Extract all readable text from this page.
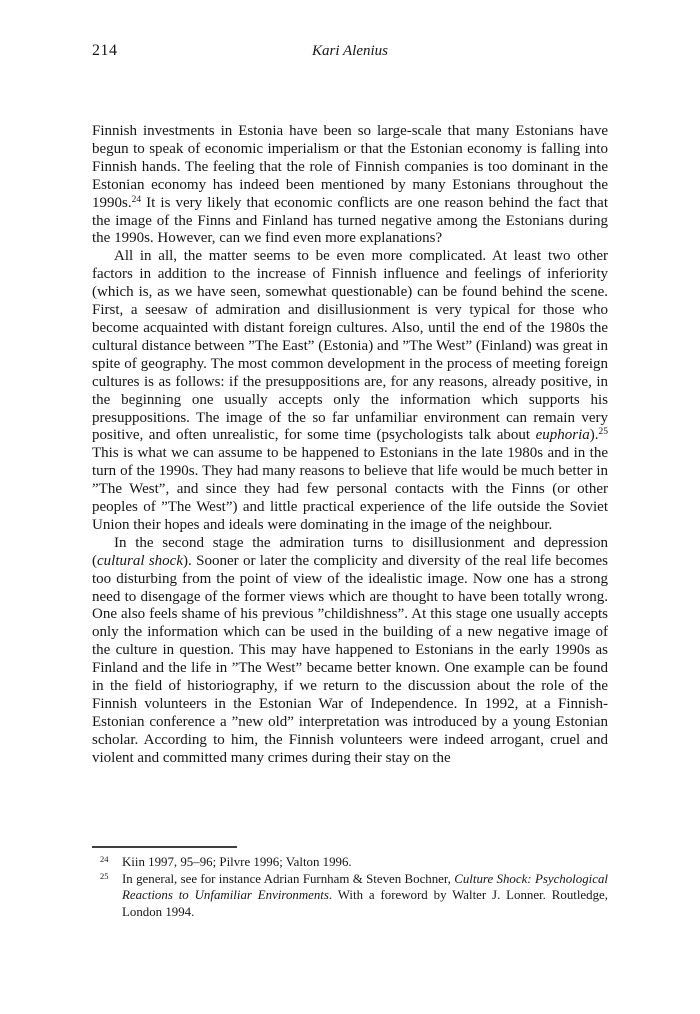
214	Kari Alenius

Finnish investments in Estonia have been so large-scale that many Estonians have begun to speak of economic imperialism or that the Estonian economy is falling into Finnish hands. The feeling that the role of Finnish companies is too dominant in the Estonian economy has indeed been mentioned by many Estonians throughout the 1990s.$^{24}$ It is very likely that economic conflicts are one reason behind the fact that the image of the Finns and Finland has turned negative among the Estonians during the 1990s. However, can we find even more explanations?

All in all, the matter seems to be even more complicated. At least two other factors in addition to the increase of Finnish influence and feelings of inferiority (which is, as we have seen, somewhat questionable) can be found behind the scene. First, a seesaw of admiration and disillusionment is very typical for those who become acquainted with distant foreign cultures. Also, until the end of the 1980s the cultural distance between ”The East” (Estonia) and ”The West” (Finland) was great in spite of geography. The most common development in the process of meeting foreign cultures is as follows: if the presuppositions are, for any reasons, already positive, in the beginning one usually accepts only the information which supports his presuppositions. The image of the so far unfamiliar environment can remain very positive, and often unrealistic, for some time (psychologists talk about euphoria).$^{25}$ This is what we can assume to be happened to Estonians in the late 1980s and in the turn of the 1990s. They had many reasons to believe that life would be much better in ”The West”, and since they had few personal contacts with the Finns (or other peoples of ”The West”) and little practical experience of the life outside the Soviet Union their hopes and ideals were dominating in the image of the neighbour.

In the second stage the admiration turns to disillusionment and depression (cultural shock). Sooner or later the complicity and diversity of the real life becomes too disturbing from the point of view of the idealistic image. Now one has a strong need to disengage of the former views which are thought to have been totally wrong. One also feels shame of his previous ”childishness”. At this stage one usually accepts only the information which can be used in the building of a new negative image of the culture in question. This may have happened to Estonians in the early 1990s as Finland and the life in ”The West” became better known. One example can be found in the field of historiography, if we return to the discussion about the role of the Finnish volunteers in the Estonian War of Independence. In 1992, at a Finnish-Estonian conference a ”new old” interpretation was introduced by a young Estonian scholar. According to him, the Finnish volunteers were indeed arrogant, cruel and violent and committed many crimes during their stay on the

$^{24}$	Kiin 1997, 95–96; Pilvre 1996; Valton 1996.
$^{25}$	In general, see for instance Adrian Furnham & Steven Bochner, Culture Shock: Psychological Reactions to Unfamiliar Environments. With a foreword by Walter J. Lonner. Routledge, London 1994.
